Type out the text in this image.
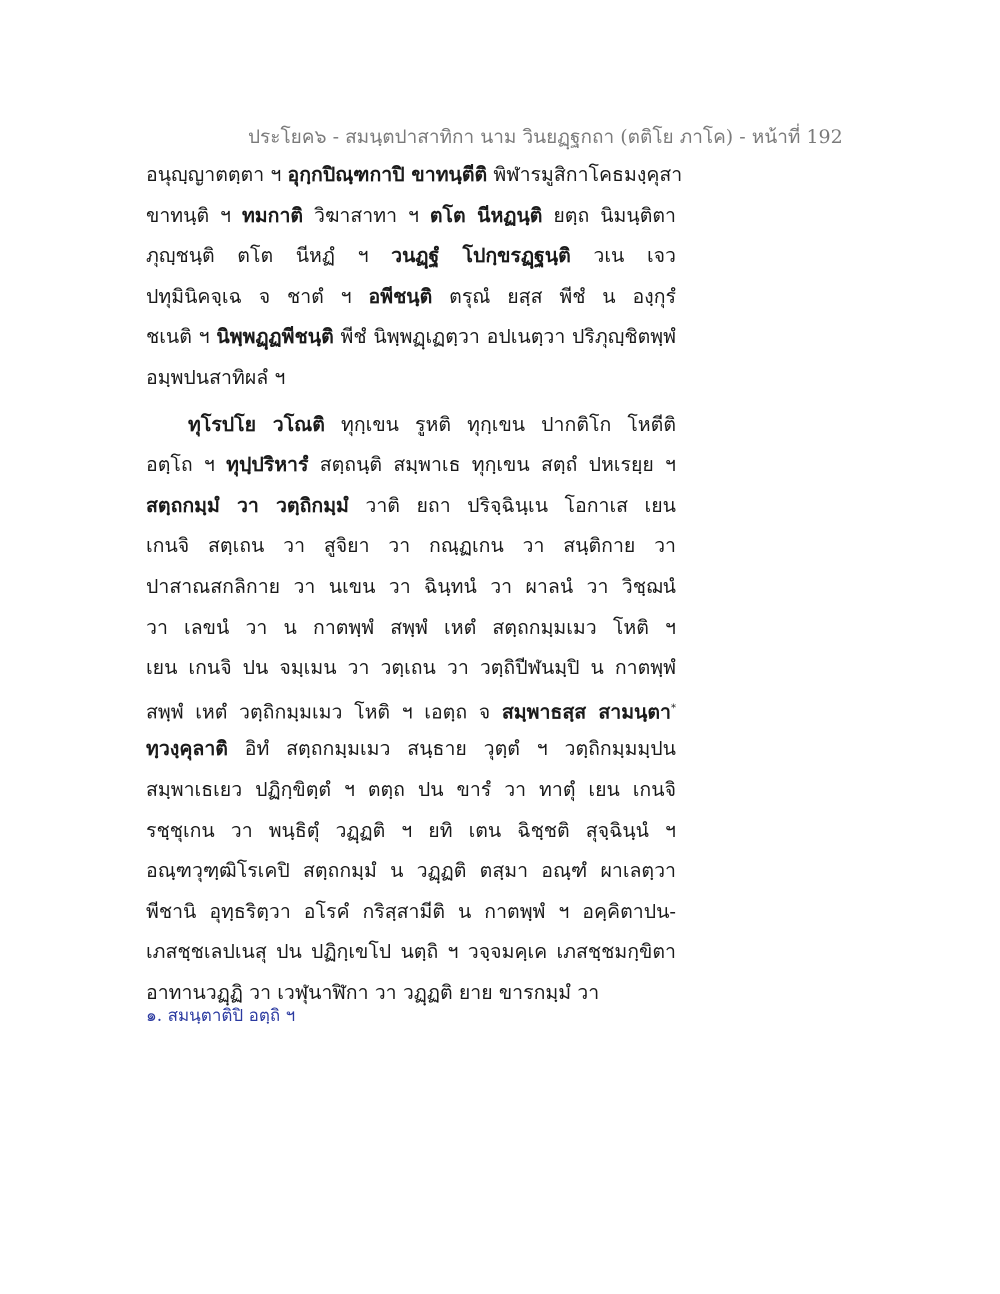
ประโยค๖ - สมนฺตปาสาทิกา นาม วินยฏฺฐกถา (ตติโย ภาโค) - หน้าที่ 192
อนุญฺญาตตฺตา ฯ อุกฺกปิณฺฑกาปิ ขาทนฺตีติ พิฬารมูสิกาโคธมงฺคุสา
ขาทนฺติ ฯ ทมกาติ วิฆาสาทา ฯ ตโต นีหฏนฺติ ยตฺถ นิมนฺติตา
ภุญฺชนฺติ ตโต นีหฏํ ฯ วนฏฺฐํ โปกฺขรฏฺฐนฺติ วเน เจว
ปทุมินิคจฺเฉ จ ชาตํ ฯ อพีชนฺติ ตรุณํ ยสฺส พีชํ น องฺกุรํ
ชเนติ ฯ นิพฺพฏฺฏพีชนฺติ พีชํ นิพฺพฏฺเฏตฺวา อปเนตฺวา ปริภุญฺชิตพฺพํ
อมฺพปนสาทิผลํ ฯ
ทุโรปโย วโณติ ทุกฺเขน รูหติ ทุกฺเขน ปากติโก โหตีติ
อตฺโถ ฯ ทุปฺปริหารํ สตฺถนฺติ สมฺพาเธ ทุกฺเขน สตฺถํ ปหเรยฺย ฯ
สตฺถกมฺมํ วา วตฺถิกมฺมํ วาติ ยถา ปริจฺฉินฺเน โอกาเส เยน
เกนจิ สตฺเถน วา สูจิยา วา กณฺฏเกน วา สนฺติกาย วา
ปาสาณสกลิกาย วา นเขน วา ฉินฺทนํ วา ผาลนํ วา วิชฺฌนํ
วา เลขนํ วา น กาตพฺพํ สพฺพํ เหตํ สตฺถกมฺมเมว โหติ ฯ
เยน เกนจิ ปน จมฺเมน วา วตฺเถน วา วตฺถิปีฬนมฺปิ น กาตพฺพํ
สพฺพํ เหตํ วตฺถิกมฺมเมว โหติ ฯ เอตฺถ จ สมฺพาธสฺส สามนฺตา*
ทฺวงฺคุลาติ อิทํ สตฺถกมฺมเมว สนฺธาย วุตฺตํ ฯ วตฺถิกมฺมมฺปน
สมฺพาเธเยว ปฏิกฺขิตฺตํ ฯ ตตฺถ ปน ขารํ วา ทาตุํ เยน เกนจิ
รชฺชุเกน วา พนฺธิตุํ วฏฺฏติ ฯ ยทิ เตน ฉิชฺชติ สุจฺฉินฺนํ ฯ
อณฺฑวุฑฺฒิโรเคปิ สตฺถกมฺมํ น วฏฺฏติ ตสฺมา อณฺฑํ ผาเลตฺวา
พีชานิ อุทฺธริตฺวา อโรคํ กริสฺสามีติ น กาตพฺพํ ฯ อคฺคิตาปน-
เภสชฺชเลปเนสุ ปน ปฏิกฺเขโป นตฺถิ ฯ วจฺจมคฺเค เภสชฺชมกฺขิตา
อาทานวฏฺฏิ วา เวฬุนาฬิกา วา วฏฺฏติ ยาย ขารกมฺมํ วา
๑. สมนฺตาติปิ อตฺถิ ฯ
